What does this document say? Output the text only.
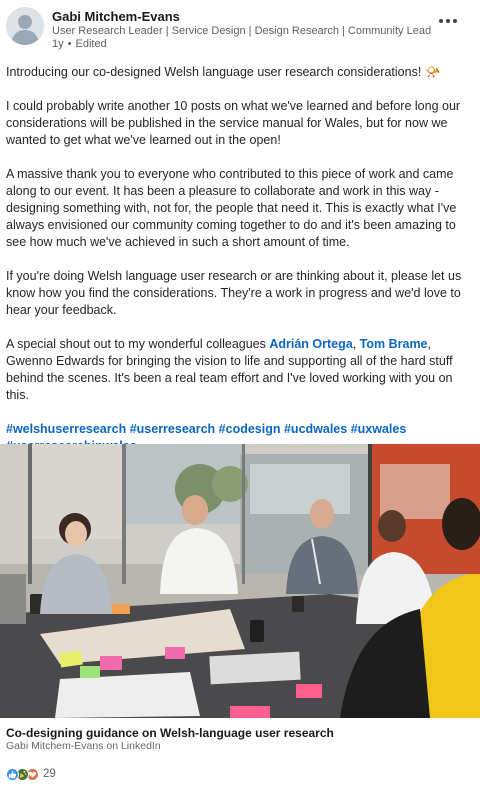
Gabi Mitchem-Evans
User Research Leader | Service Design | Design Research | Community Lead
1y • Edited

Introducing our co-designed Welsh language user research considerations! 📯

I could probably write another 10 posts on what we've learned and before long our considerations will be published in the service manual for Wales, but for now we wanted to get what we've learned out in the open!

A massive thank you to everyone who contributed to this piece of work and came along to our event. It has been a pleasure to collaborate and work in this way - designing something with, not for, the people that need it. This is exactly what I've always envisioned our community coming together to do and it's been amazing to see how much we've achieved in such a short amount of time.

If you're doing Welsh language user research or are thinking about it, please let us know how you find the considerations. They're a work in progress and we'd love to hear your feedback.

A special shout out to my wonderful colleagues Adrián Ortega, Tom Brame, Gwenno Edwards for bringing the vision to life and supporting all of the hard stuff behind the scenes. It's been a real team effort and I've loved working with you on this.

#welshuserresearch #userresearch #codesign #ucdwales #uxwales

Co-designing guidance on Welsh-language user research
Gabi Mitchem-Evans on LinkedIn
29
